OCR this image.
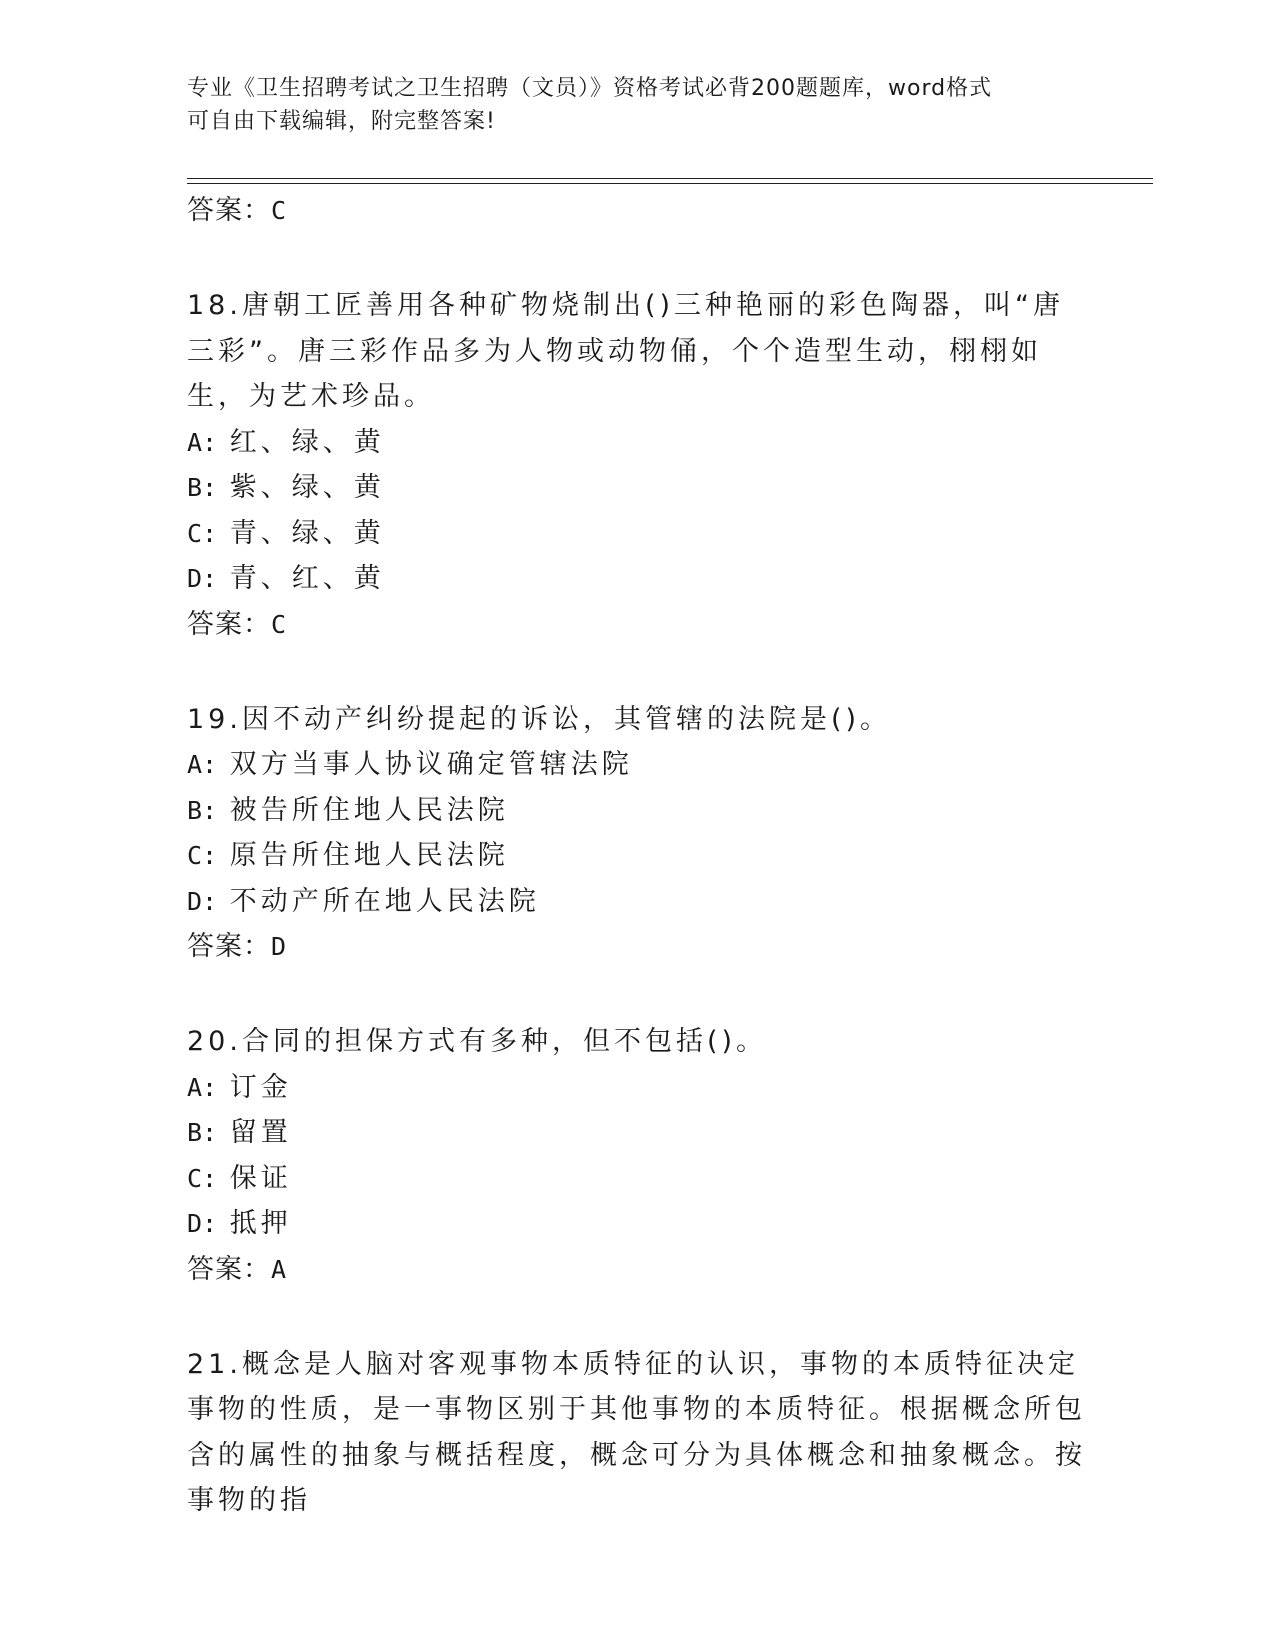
专业《卫生招聘考试之卫生招聘（文员）》资格考试必背200题题库，word格式
可自由下载编辑，附完整答案!

答案：C

18.唐朝工匠善用各种矿物烧制出()三种艳丽的彩色陶器，叫“唐三彩”。唐三彩作品多为人物或动物俑，个个造型生动，栩栩如生，为艺术珍品。

A: 红、绿、黄

B: 紫、绿、黄

C: 青、绿、黄

D: 青、红、黄

答案：C

19.因不动产纠纷提起的诉讼，其管辖的法院是()。

A: 双方当事人协议确定管辖法院

B: 被告所住地人民法院

C: 原告所住地人民法院

D: 不动产所在地人民法院

答案：D

20.合同的担保方式有多种，但不包括()。

A: 订金

B: 留置

C: 保证

D: 抵押

答案：A

21.概念是人脑对客观事物本质特征的认识，事物的本质特征决定事物的性质，是一事物区别于其他事物的本质特征。根据概念所包含的属性的抽象与概括程度，概念可分为具体概念和抽象概念。按事物的指
